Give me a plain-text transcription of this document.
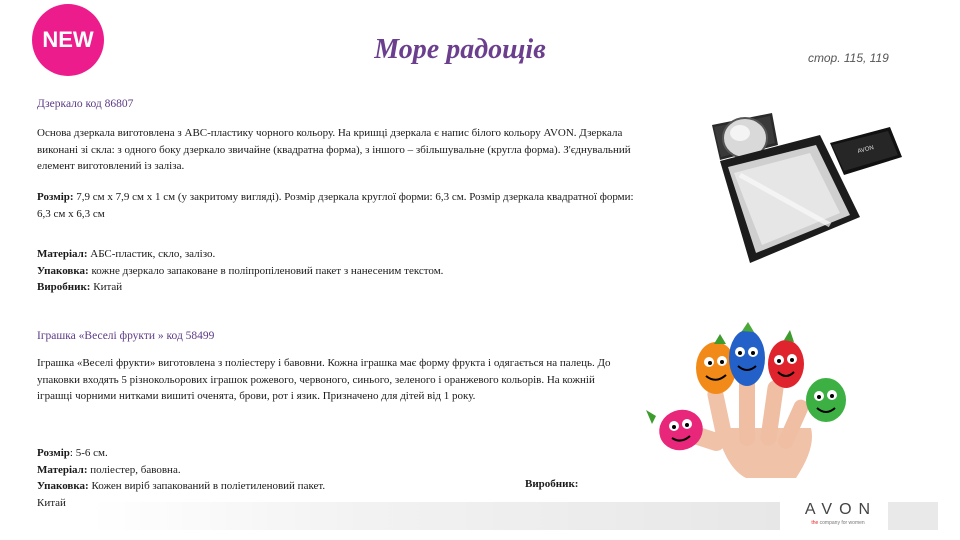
NEW	Море радощів	стор. 115, 119
Дзеркало код 86807

Основа дзеркала виготовлена з АВС-пластику чорного кольору. На кришці дзеркала є напис білого кольору AVON. Дзеркала виконані зі скла: з одного боку дзеркало звичайне (квадратна форма), з іншого – збільшувальне (кругла форма). З'єднувальний елемент виготовлений із заліза.

Розмір: 7,9 см х 7,9 см х 1 см (у закритому вигляді). Розмір дзеркала круглої форми: 6,3 см. Розмір дзеркала квадратної форми: 6,3 см х 6,3 см

Матеріал: АБС-пластик, скло, залізо.

Упаковка: кожне дзеркало запаковане в поліпропіленовий пакет з нанесеним текстом.

Виробник: Китай

Іграшка «Веселі фрукти » код 58499

Іграшка «Веселі фрукти» виготовлена з поліестеру і бавовни. Кожна іграшка має форму фрукта і одягається на палець. До упаковки входять 5 різнокольорових іграшок рожевого, червоного, синього, зеленого і оранжевого кольорів. На кожній іграшці чорними нитками вишиті оченята, брови, рот і язик. Призначено для дітей від 1 року.

Розмір: 5-6 см.

Матеріал: поліестер, бавовна.

Упаковка: Кожен виріб запакований в поліетиленовий пакет.

Китай

Виробник:
AVON
AVON
the company for women
